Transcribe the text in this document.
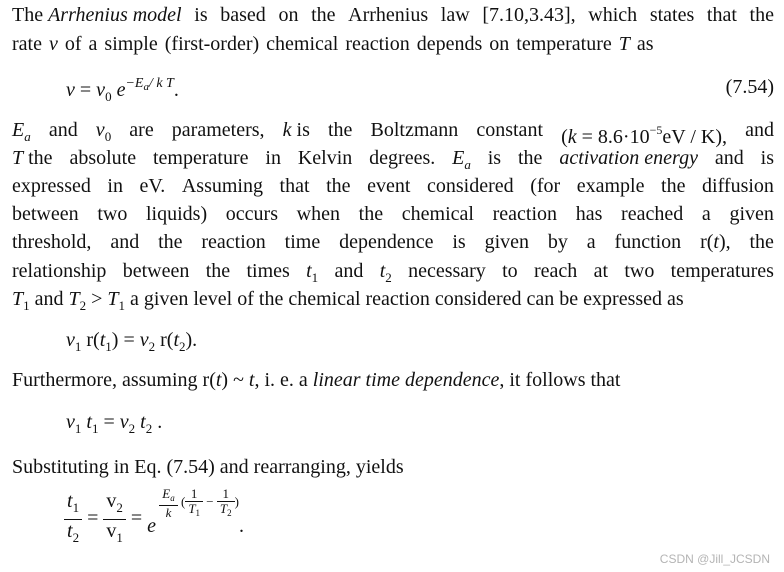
The Arrhenius model is based on the Arrhenius law [7.10,3.43], which states that the
rate v of a simple (first-order) chemical reaction depends on temperature T as
$v = v_0$ $e^{-E_a/ k T}$.	(7.54)
$E_a$ and $v_0$ are parameters, k is the Boltzmann constant $(k = 8.6\cdot 10^{-5}eV / K)$, and
T the absolute temperature in Kelvin degrees. $E_a$ is the activation energy and is
expressed in eV. Assuming that the event considered (for example the diffusion
between two liquids) occurs when the chemical reaction has reached a given
threshold, and the reaction time dependence is given by a function r(t), the
relationship between the times $t_1$ and $t_2$ necessary to reach at two temperatures
$T_1$ and $T_2 > T_1$ a given level of the chemical reaction considered can be expressed as
$v_1$ $r(t_1) = v_2$ $r(t_2)$.
Furthermore, assuming r(t) ~ t, i. e. a linear time dependence, it follows that
$v_1$ $t_1 = v_2$ $t_2$ .
Substituting in Eq. (7.54) and rearranging, yields
$\frac{t_1}{t_2} = \frac{v_2}{v_1} = e$
$^{\frac{E_a}{k} ( \frac{1}{T_1} - \frac{1}{T_2} )}$.
CSDN @Jill_JCSDN
